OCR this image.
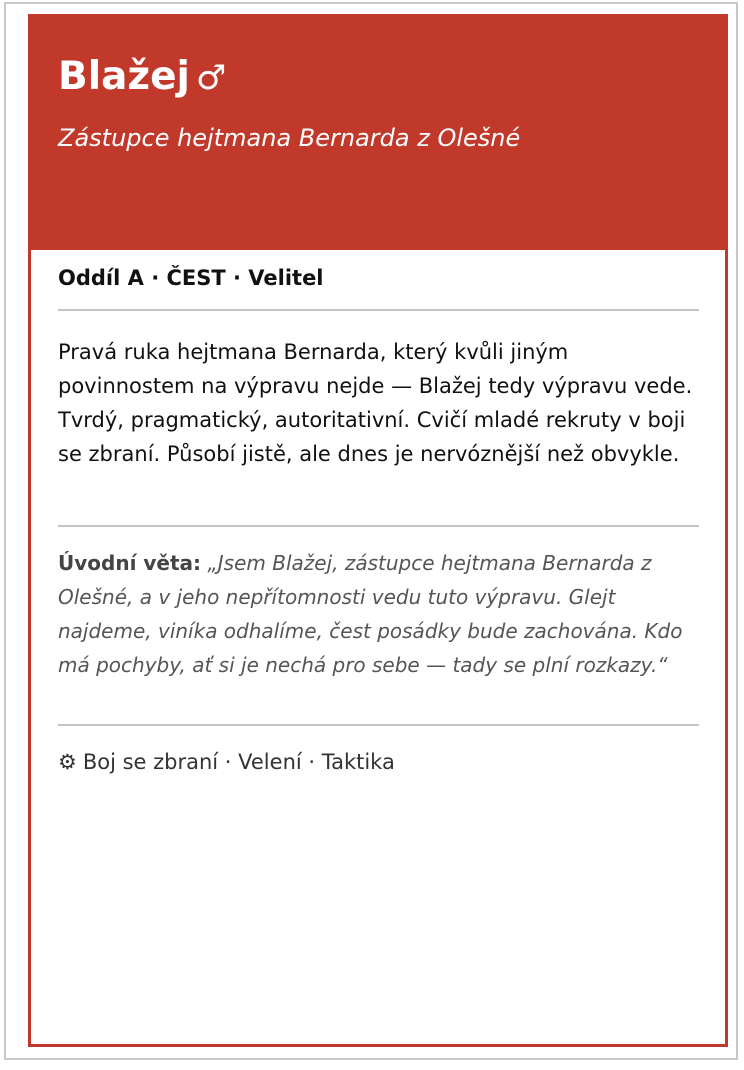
Blažej ♂
Zástupce hejtmana Bernarda z Olešné
Oddíl A · ČEST · Velitel
Pravá ruka hejtmana Bernarda, který kvůli jiným povinnostem na výpravu nejde — Blažej tedy výpravu vede. Tvrdý, pragmatický, autoritativní. Cvičí mladé rekruty v boji se zbraní. Působí jistě, ale dnes je nervóznější než obvykle.
Úvodní věta: „Jsem Blažej, zástupce hejtmana Bernarda z Olešné, a v jeho nepřítomnosti vedu tuto výpravu. Glejt najdeme, viníka odhalíme, čest posádky bude zachována. Kdo má pochyby, ať si je nechá pro sebe — tady se plní rozkazy.“
⚙ Boj se zbraní · Velení · Taktika
